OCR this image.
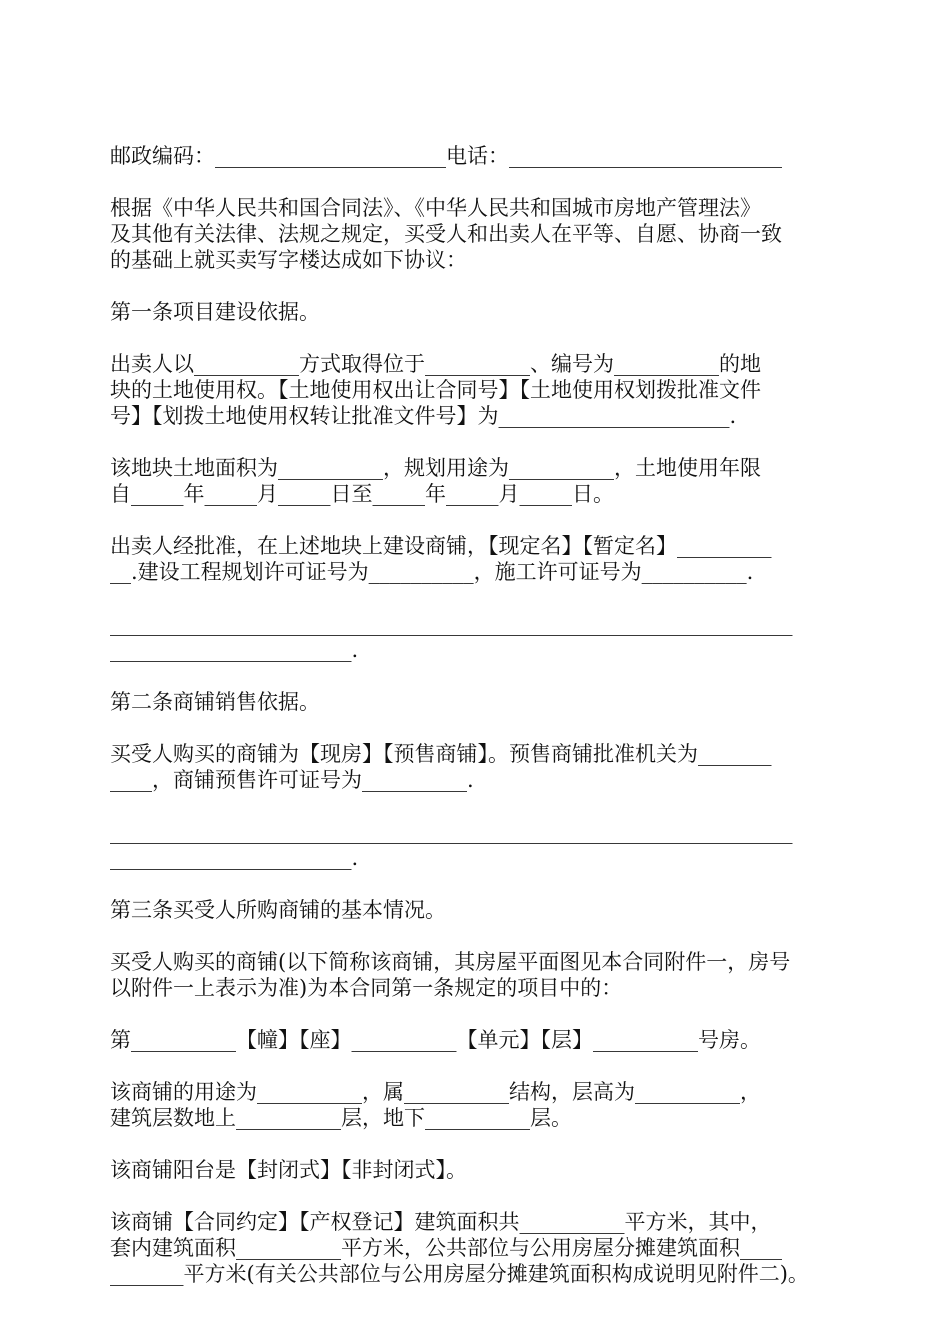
邮政编码：______________________电话：__________________________

根据《中华人民共和国合同法》、《中华人民共和国城市房地产管理法》
及其他有关法律、法规之规定，买受人和出卖人在平等、自愿、协商一致
的基础上就买卖写字楼达成如下协议：

第一条项目建设依据。

出卖人以__________方式取得位于__________、编号为__________的地
块的土地使用权。【土地使用权出让合同号】【土地使用权划拨批准文件
号】【划拨土地使用权转让批准文件号】为______________________.

该地块土地面积为__________，规划用途为__________，土地使用年限
自_____年_____月_____日至_____年_____月_____日。

出卖人经批准，在上述地块上建设商铺，【现定名】【暂定名】_________
__.建设工程规划许可证号为__________，施工许可证号为__________.

_________________________________________________________________
_______________________.

第二条商铺销售依据。

买受人购买的商铺为【现房】【预售商铺】。预售商铺批准机关为_______
____，商铺预售许可证号为__________.

_________________________________________________________________
_______________________.

第三条买受人所购商铺的基本情况。

买受人购买的商铺(以下简称该商铺，其房屋平面图见本合同附件一，房号
以附件一上表示为准)为本合同第一条规定的项目中的：

第__________【幢】【座】__________【单元】【层】__________号房。

该商铺的用途为__________，属__________结构，层高为__________，
建筑层数地上__________层，地下__________层。

该商铺阳台是【封闭式】【非封闭式】。

该商铺【合同约定】【产权登记】建筑面积共__________平方米，其中，
套内建筑面积__________平方米，公共部位与公用房屋分摊建筑面积____
_______平方米(有关公共部位与公用房屋分摊建筑面积构成说明见附件二)。
